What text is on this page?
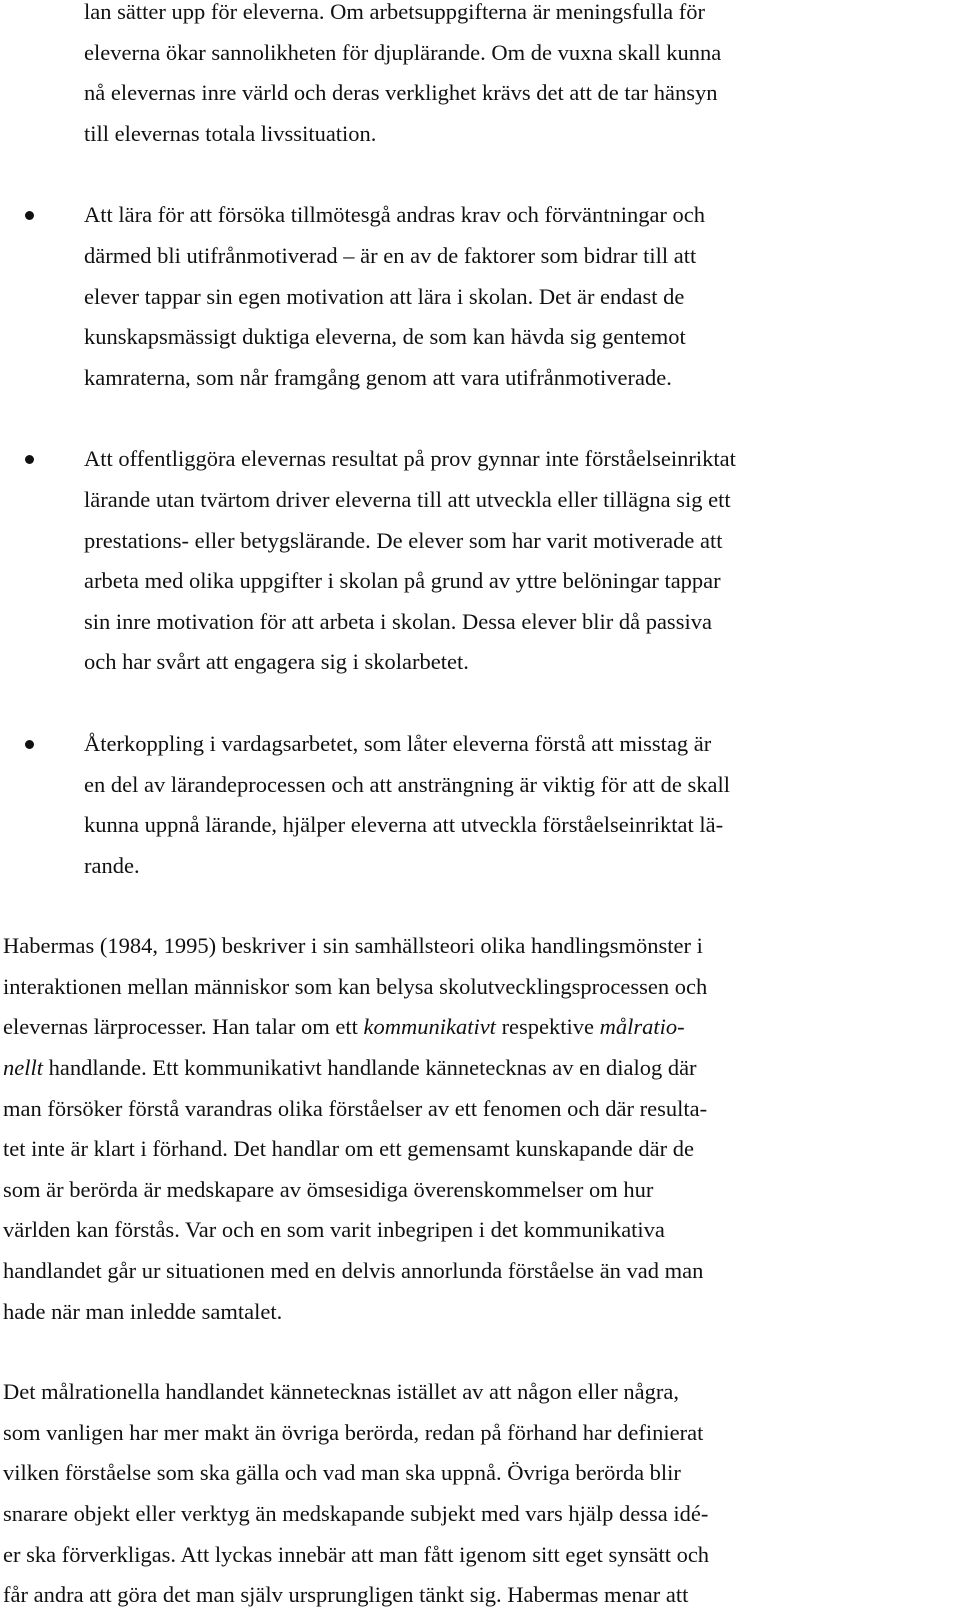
lan sätter upp för eleverna. Om arbetsuppgifterna är meningsfulla för
eleverna ökar sannolikheten för djuplärande. Om de vuxna skall kunna
nå elevernas inre värld och deras verklighet krävs det att de tar hänsyn
till elevernas totala livssituation.
Att lära för att försöka tillmötesgå andras krav och förväntningar och
därmed bli utifrånmotiverad – är en av de faktorer som bidrar till att
elever tappar sin egen motivation att lära i skolan. Det är endast de
kunskapsmässigt duktiga eleverna, de som kan hävda sig gentemot
kamraterna, som når framgång genom att vara utifrånmotiverade.
Att offentliggöra elevernas resultat på prov gynnar inte förståelseinriktat
lärande utan tvärtom driver eleverna till att utveckla eller tillägna sig ett
prestations- eller betygslärande. De elever som har varit motiverade att
arbeta med olika uppgifter i skolan på grund av yttre belöningar tappar
sin inre motivation för att arbeta i skolan. Dessa elever blir då passiva
och har svårt att engagera sig i skolarbetet.
Återkoppling i vardagsarbetet, som låter eleverna förstå att misstag är
en del av lärandeprocessen och att ansträngning är viktig för att de skall
kunna uppnå lärande, hjälper eleverna att utveckla förståelseinriktat lä-
rande.
Habermas (1984, 1995) beskriver i sin samhällsteori olika handlingsmönster i
interaktionen mellan människor som kan belysa skolutvecklingsprocessen och
elevernas lärprocesser. Han talar om ett kommunikativt respektive målratio-
nellt handlande. Ett kommunikativt handlande kännetecknas av en dialog där
man försöker förstå varandras olika förståelser av ett fenomen och där resulta-
tet inte är klart i förhand. Det handlar om ett gemensamt kunskapande där de
som är berörda är medskapare av ömsesidiga överenskommelser om hur
världen kan förstås. Var och en som varit inbegripen i det kommunikativa
handlandet går ur situationen med en delvis annorlunda förståelse än vad man
hade när man inledde samtalet.
Det målrationella handlandet kännetecknas istället av att någon eller några,
som vanligen har mer makt än övriga berörda, redan på förhand har definierat
vilken förståelse som ska gälla och vad man ska uppnå. Övriga berörda blir
snarare objekt eller verktyg än medskapande subjekt med vars hjälp dessa idé-
er ska förverkligas. Att lyckas innebär att man fått igenom sitt eget synsätt och
får andra att göra det man själv ursprungligen tänkt sig. Habermas menar att
